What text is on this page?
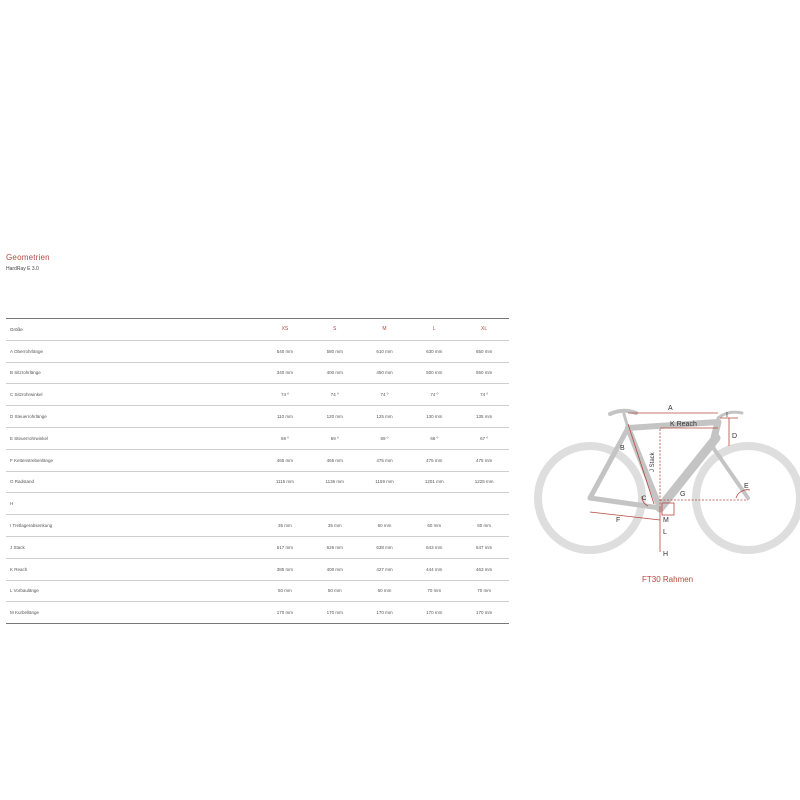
Geometrien
HardRay E 3.0
Größe	XS	S	M	L	XL
A Oberrohrlänge	540 mm	580 mm	610 mm	630 mm	650 mm
B Sitzrohrlänge	340 mm	400 mm	450 mm	500 mm	550 mm
C Sitzrohrwinkel	74 º	74 º	74 º	74 º	74 º
D Steuerrohrlänge	110 mm	120 mm	125 mm	130 mm	135 mm
E Steuerrohrwinkel	69 º	69 º	69 º	68 º	67 º
F Kettenstrebenlänge	465 mm	465 mm	475 mm	475 mm	475 mm
G Radstand	1115 mm	1136 mm	1169 mm	1201 mm	1225 mm
H					
I Tretlagerabsenkung	35 mm	35 mm	60 mm	60 mm	60 mm
J Stack	517 mm	626 mm	638 mm	643 mm	647 mm
K Reach	385 mm	400 mm	427 mm	444 mm	463 mm
L Vorbaulänge	50 mm	50 mm	60 mm	70 mm	70 mm
M Kurbellänge	170 mm	170 mm	170 mm	170 mm	170 mm
A
K Reach
I
D
B
E
F
G
M
L
H
C
J Stack
FT30 Rahmen
